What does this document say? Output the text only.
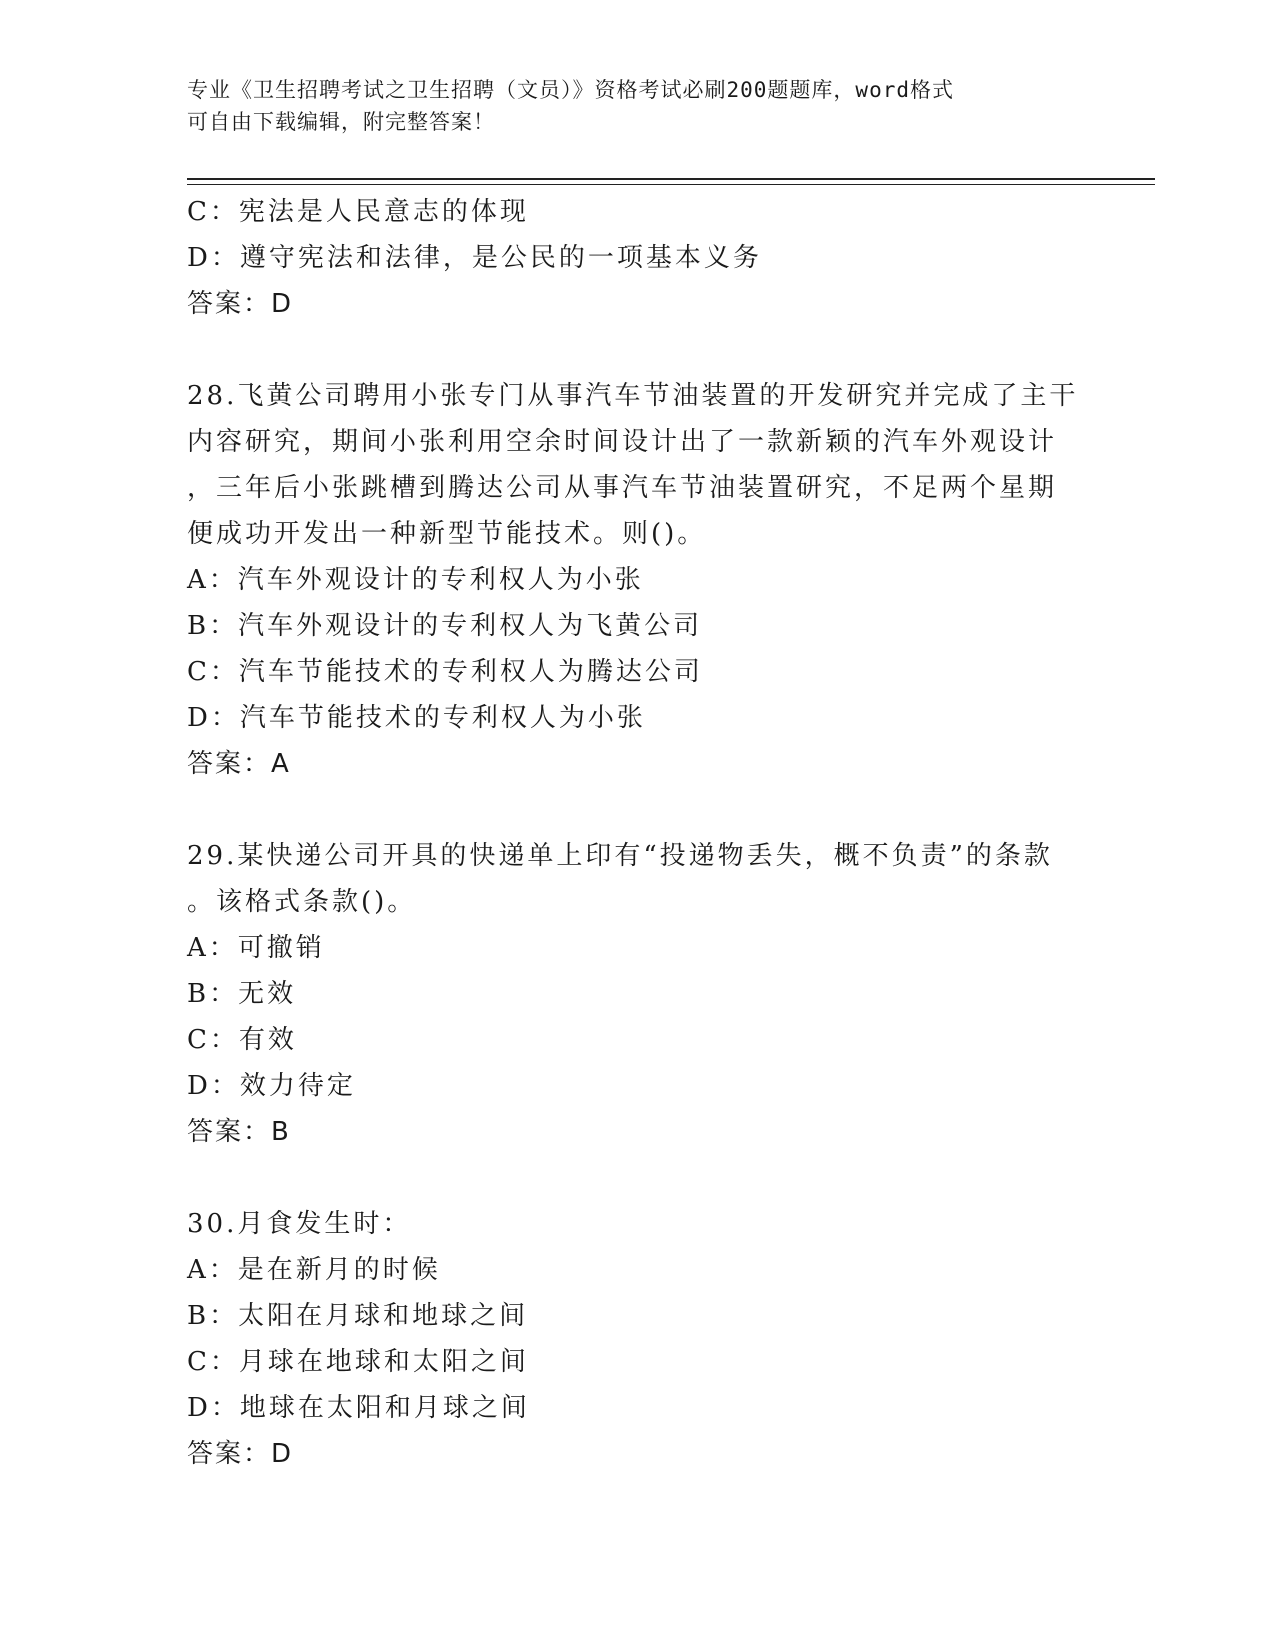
专业《卫生招聘考试之卫生招聘（文员）》资格考试必刷200题题库，word格式
可自由下载编辑，附完整答案！
C：宪法是人民意志的体现
D：遵守宪法和法律，是公民的一项基本义务
答案：D
28.飞黄公司聘用小张专门从事汽车节油装置的开发研究并完成了主干
内容研究，期间小张利用空余时间设计出了一款新颖的汽车外观设计
，三年后小张跳槽到腾达公司从事汽车节油装置研究，不足两个星期
便成功开发出一种新型节能技术。则()。
A：汽车外观设计的专利权人为小张
B：汽车外观设计的专利权人为飞黄公司
C：汽车节能技术的专利权人为腾达公司
D：汽车节能技术的专利权人为小张
答案：A
29.某快递公司开具的快递单上印有“投递物丢失，概不负责”的条款
。该格式条款()。
A：可撤销
B：无效
C：有效
D：效力待定
答案：B
30.月食发生时：
A：是在新月的时候
B：太阳在月球和地球之间
C：月球在地球和太阳之间
D：地球在太阳和月球之间
答案：D
